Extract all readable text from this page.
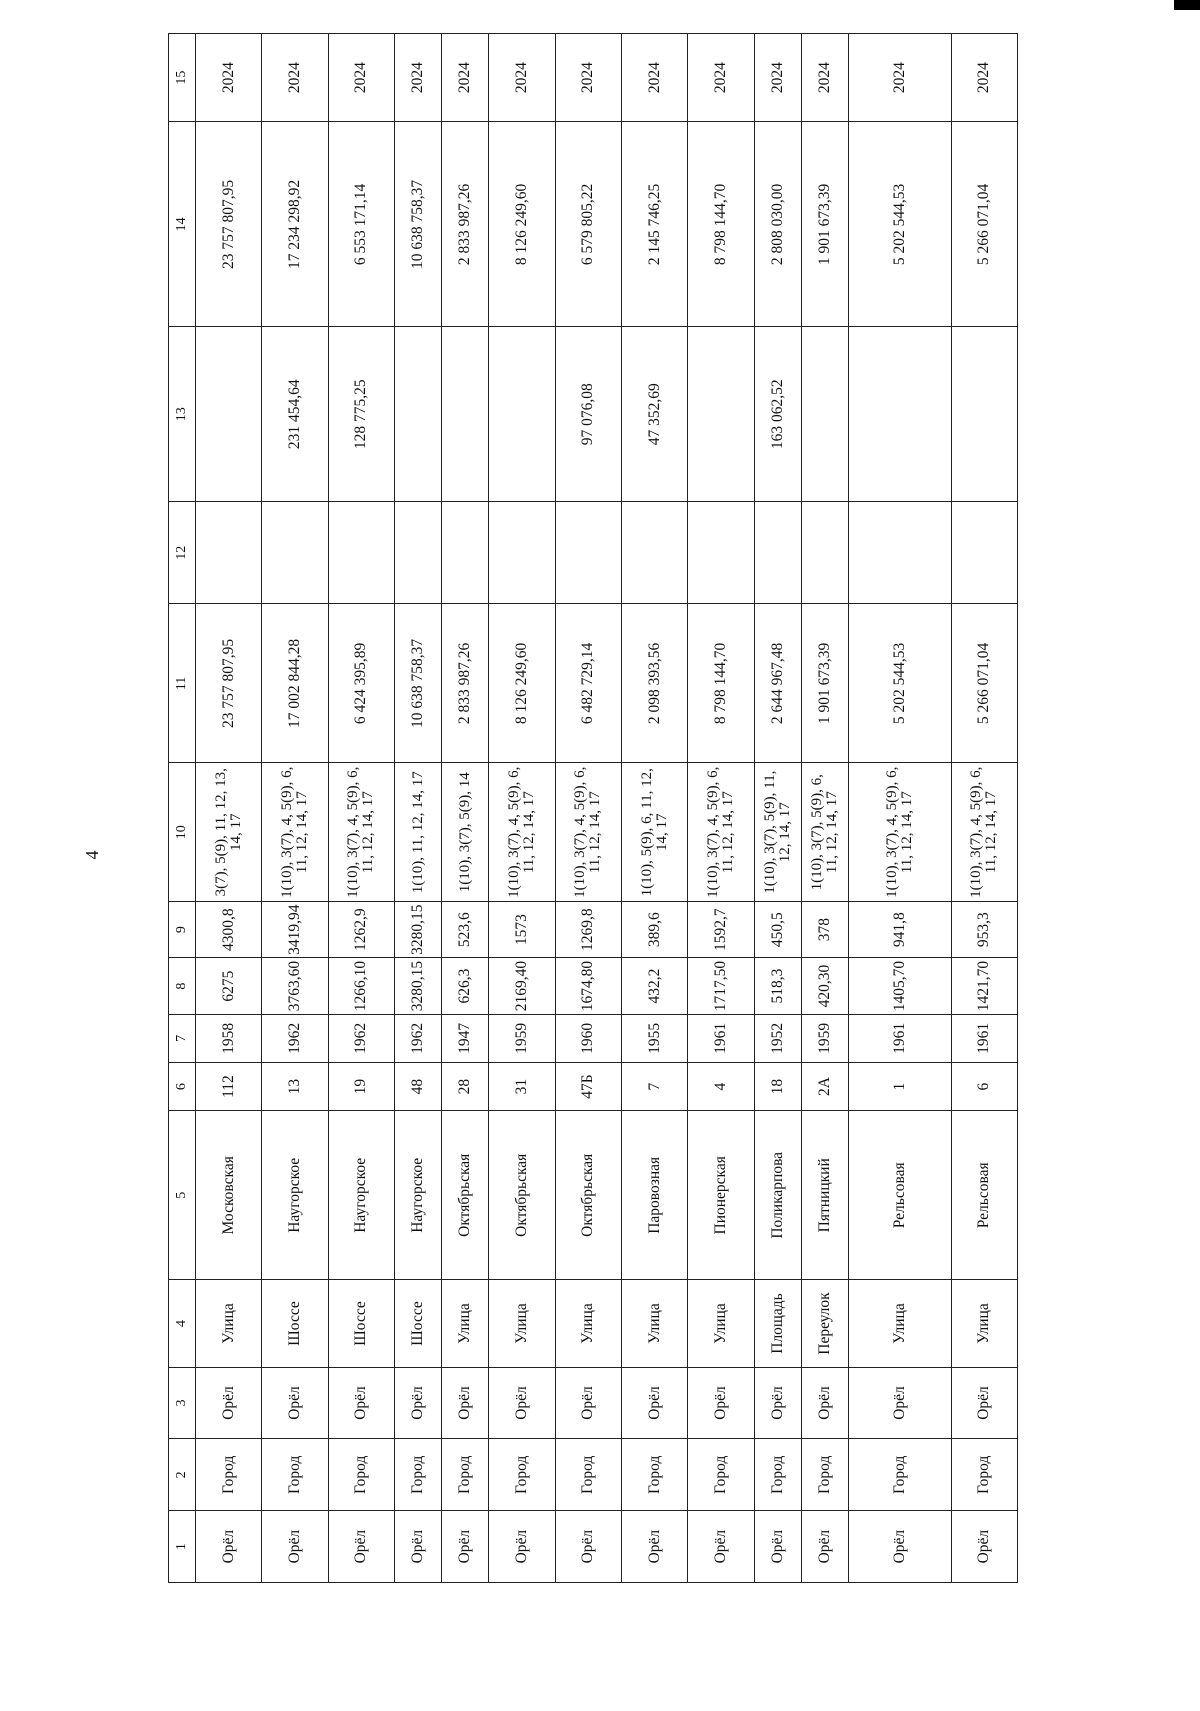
4
1	2	3	4	5	6	7	8	9	10	11	12	13	14	15
Орёл	Город	Орёл	Улица	Московская	112	1958	6275	4300,8	3(7), 5(9), 11, 12, 13, 14, 17	23 757 807,95			23 757 807,95	2024
Орёл	Город	Орёл	Шоссе	Наугорское	13	1962	3763,60	3419,94	1(10), 3(7), 4, 5(9), 6, 11, 12, 14, 17	17 002 844,28		231 454,64	17 234 298,92	2024
Орёл	Город	Орёл	Шоссе	Наугорское	19	1962	1266,10	1262,9	1(10), 3(7), 4, 5(9), 6, 11, 12, 14, 17	6 424 395,89		128 775,25	6 553 171,14	2024
Орёл	Город	Орёл	Шоссе	Наугорское	48	1962	3280,15	3280,15	1(10), 11, 12, 14, 17	10 638 758,37			10 638 758,37	2024
Орёл	Город	Орёл	Улица	Октябрьская	28	1947	626,3	523,6	1(10), 3(7), 5(9), 14	2 833 987,26			2 833 987,26	2024
Орёл	Город	Орёл	Улица	Октябрьская	31	1959	2169,40	1573	1(10), 3(7), 4, 5(9), 6, 11, 12, 14, 17	8 126 249,60			8 126 249,60	2024
Орёл	Город	Орёл	Улица	Октябрьская	47Б	1960	1674,80	1269,8	1(10), 3(7), 4, 5(9), 6, 11, 12, 14, 17	6 482 729,14		97 076,08	6 579 805,22	2024
Орёл	Город	Орёл	Улица	Паровозная	7	1955	432,2	389,6	1(10), 5(9), 6, 11, 12, 14, 17	2 098 393,56		47 352,69	2 145 746,25	2024
Орёл	Город	Орёл	Улица	Пионерская	4	1961	1717,50	1592,7	1(10), 3(7), 4, 5(9), 6, 11, 12, 14, 17	8 798 144,70			8 798 144,70	2024
Орёл	Город	Орёл	Площадь	Поликарпова	18	1952	518,3	450,5	1(10), 3(7), 5(9), 11, 12, 14, 17	2 644 967,48		163 062,52	2 808 030,00	2024
Орёл	Город	Орёл	Переулок	Пятницкий	2А	1959	420,30	378	1(10), 3(7), 5(9), 6, 11, 12, 14, 17	1 901 673,39			1 901 673,39	2024
Орёл	Город	Орёл	Улица	Рельсовая	1	1961	1405,70	941,8	1(10), 3(7), 4, 5(9), 6, 11, 12, 14, 17	5 202 544,53			5 202 544,53	2024
Орёл	Город	Орёл	Улица	Рельсовая	6	1961	1421,70	953,3	1(10), 3(7), 4, 5(9), 6, 11, 12, 14, 17	5 266 071,04			5 266 071,04	2024
